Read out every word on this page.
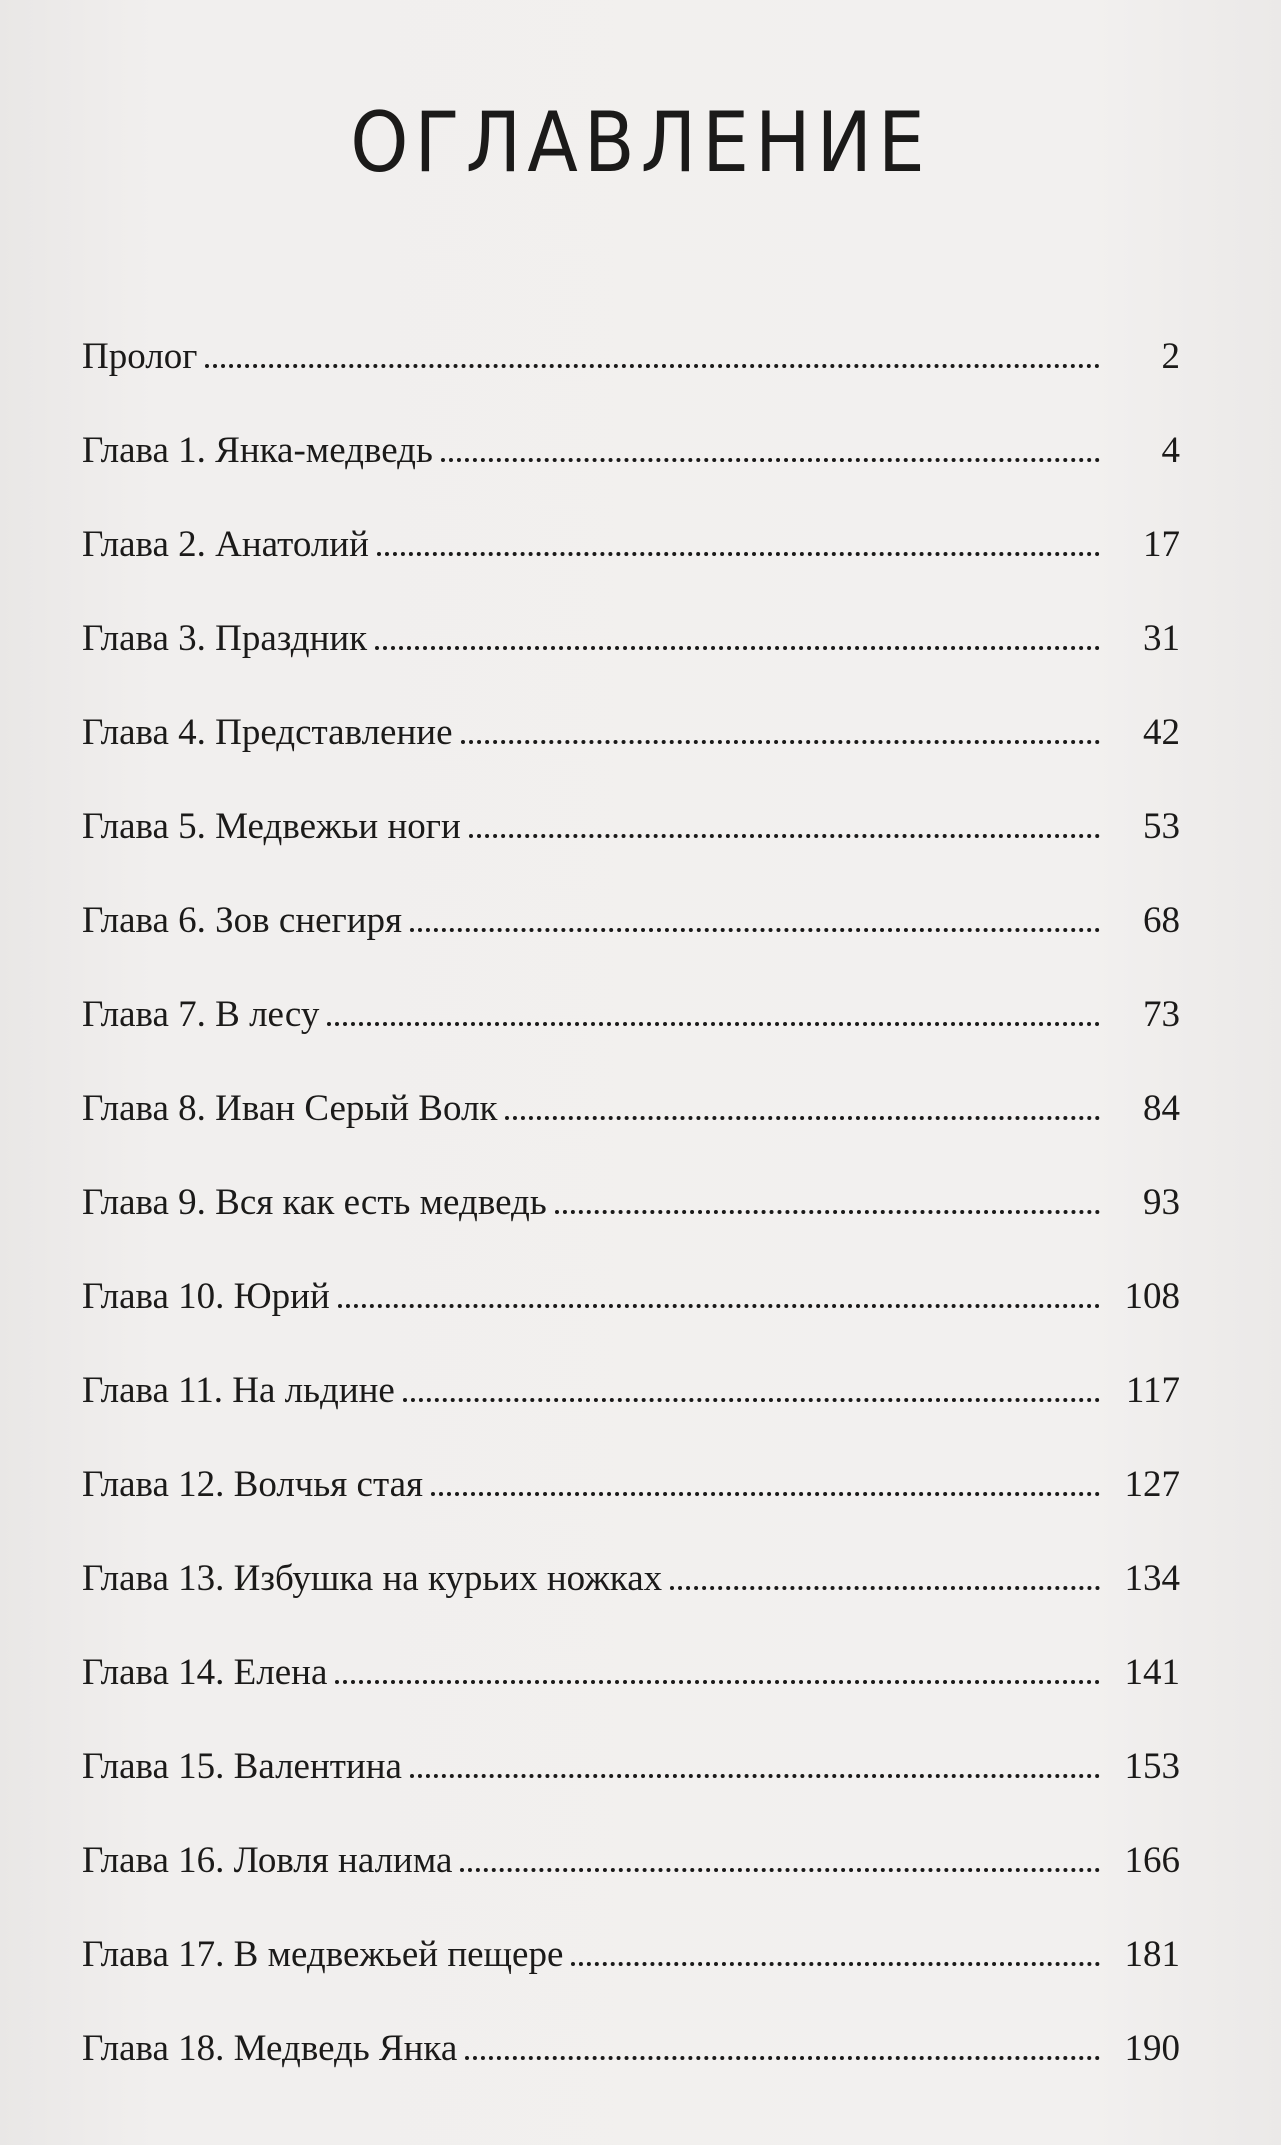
ОГЛАВЛЕНИЕ
Пролог	2
Глава 1. Янка-медведь	4
Глава 2. Анатолий	17
Глава 3. Праздник	31
Глава 4. Представление	42
Глава 5. Медвежьи ноги	53
Глава 6. Зов снегиря	68
Глава 7. В лесу	73
Глава 8. Иван Серый Волк	84
Глава 9. Вся как есть медведь	93
Глава 10. Юрий	108
Глава 11. На льдине	117
Глава 12. Волчья стая	127
Глава 13. Избушка на курьих ножках	134
Глава 14. Елена	141
Глава 15. Валентина	153
Глава 16. Ловля налима	166
Глава 17. В медвежьей пещере	181
Глава 18. Медведь Янка	190
